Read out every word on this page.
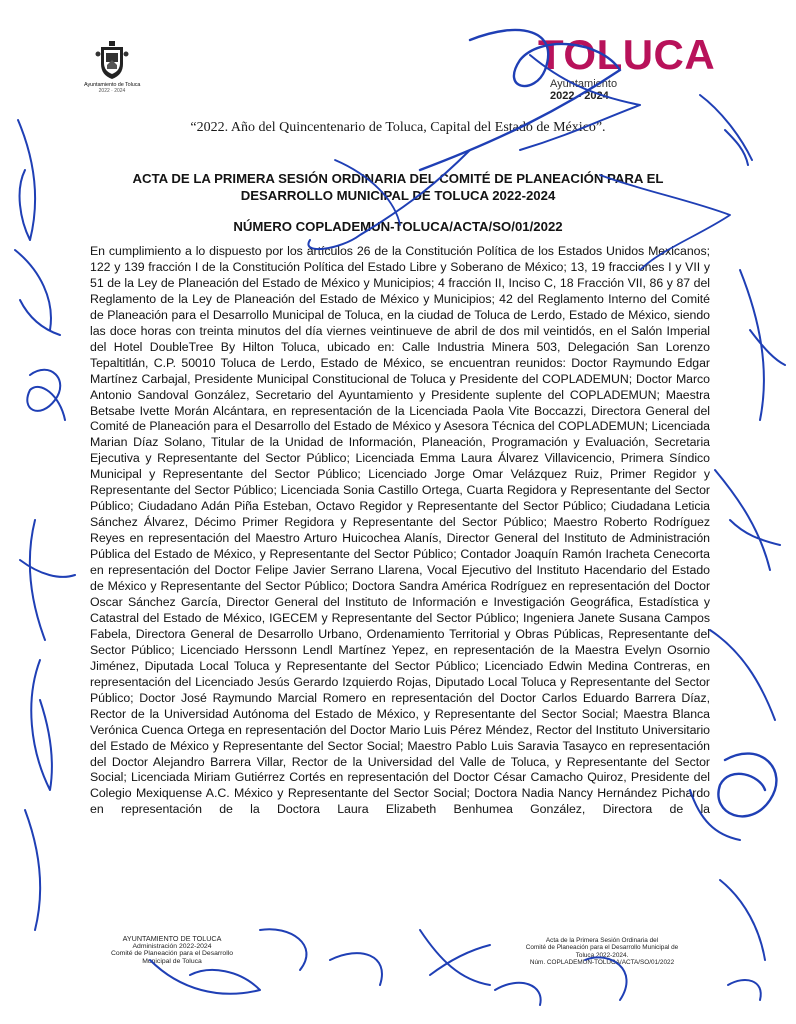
Ayuntamiento de Toluca
2022 · 2024
TOLUCA
Ayuntamiento
2022 - 2024
“2022. Año del Quincentenario de Toluca, Capital del Estado de México”.
ACTA DE LA PRIMERA SESIÓN ORDINARIA DEL COMITÉ DE PLANEACIÓN PARA EL DESARROLLO MUNICIPAL DE TOLUCA 2022-2024
NÚMERO COPLADEMUN-TOLUCA/ACTA/SO/01/2022
En cumplimiento a lo dispuesto por los artículos 26 de la Constitución Política de los Estados Unidos Mexicanos; 122 y 139 fracción I de la Constitución Política del Estado Libre y Soberano de México; 13, 19 fracciones I y VII y 51 de la Ley de Planeación del Estado de México y Municipios; 4 fracción II, Inciso C, 18 Fracción VII, 86 y 87 del Reglamento de la Ley de Planeación del Estado de México y Municipios; 42 del Reglamento Interno del Comité de Planeación para el Desarrollo Municipal de Toluca, en la ciudad de Toluca de Lerdo, Estado de México, siendo las doce horas con treinta minutos del día viernes veintinueve de abril de dos mil veintidós, en el Salón Imperial del Hotel DoubleTree By Hilton Toluca, ubicado en: Calle Industria Minera 503, Delegación San Lorenzo Tepaltitlán, C.P. 50010 Toluca de Lerdo, Estado de México, se encuentran reunidos: Doctor Raymundo Edgar Martínez Carbajal, Presidente Municipal Constitucional de Toluca y Presidente del COPLADEMUN; Doctor Marco Antonio Sandoval González, Secretario del Ayuntamiento y Presidente suplente del COPLADEMUN; Maestra Betsabe Ivette Morán Alcántara, en representación de la Licenciada Paola Vite Boccazzi, Directora General del Comité de Planeación para el Desarrollo del Estado de México y Asesora Técnica del COPLADEMUN; Licenciada Marian Díaz Solano, Titular de la Unidad de Información, Planeación, Programación y Evaluación, Secretaria Ejecutiva y Representante del Sector Público; Licenciada Emma Laura Álvarez Villavicencio, Primera Síndico Municipal y Representante del Sector Público; Licenciado Jorge Omar Velázquez Ruiz, Primer Regidor y Representante del Sector Público; Licenciada Sonia Castillo Ortega, Cuarta Regidora y Representante del Sector Público; Ciudadano Adán Piña Esteban, Octavo Regidor y Representante del Sector Público; Ciudadana Leticia Sánchez Álvarez, Décimo Primer Regidora y Representante del Sector Público; Maestro Roberto Rodríguez Reyes en representación del Maestro Arturo Huicochea Alanís, Director General del Instituto de Administración Pública del Estado de México, y Representante del Sector Público; Contador Joaquín Ramón Iracheta Cenecorta en representación del Doctor Felipe Javier Serrano Llarena, Vocal Ejecutivo del Instituto Hacendario del Estado de México y Representante del Sector Público; Doctora Sandra América Rodríguez en representación del Doctor Oscar Sánchez García, Director General del Instituto de Información e Investigación Geográfica, Estadística y Catastral del Estado de México, IGECEM y Representante del Sector Público; Ingeniera Janete Susana Campos Fabela, Directora General de Desarrollo Urbano, Ordenamiento Territorial y Obras Públicas, Representante del Sector Público; Licenciado Herssonn Lendl Martínez Yepez, en representación de la Maestra Evelyn Osornio Jiménez, Diputada Local Toluca y Representante del Sector Público; Licenciado Edwin Medina Contreras, en representación del Licenciado Jesús Gerardo Izquierdo Rojas, Diputado Local Toluca y Representante del Sector Público; Doctor José Raymundo Marcial Romero en representación del Doctor Carlos Eduardo Barrera Díaz, Rector de la Universidad Autónoma del Estado de México, y Representante del Sector Social; Maestra Blanca Verónica Cuenca Ortega en representación del Doctor Mario Luis Pérez Méndez, Rector del Instituto Universitario del Estado de México y Representante del Sector Social; Maestro Pablo Luis Saravia Tasayco en representación del Doctor Alejandro Barrera Villar, Rector de la Universidad del Valle de Toluca, y Representante del Sector Social; Licenciada Miriam Gutiérrez Cortés en representación del Doctor César Camacho Quiroz, Presidente del Colegio Mexiquense A.C. México y Representante del Sector Social; Doctora Nadia Nancy Hernández Pichardo en representación de la Doctora Laura Elizabeth Benhumea González, Directora de la
AYUNTAMIENTO DE TOLUCA
Administración 2022-2024
Comité de Planeación para el Desarrollo
Municipal de Toluca
Acta de la Primera Sesión Ordinaria del
Comité de Planeación para el Desarrollo Municipal de
Toluca 2022-2024.
Núm. COPLADEMUN-TOLUCA/ACTA/SO/01/2022
